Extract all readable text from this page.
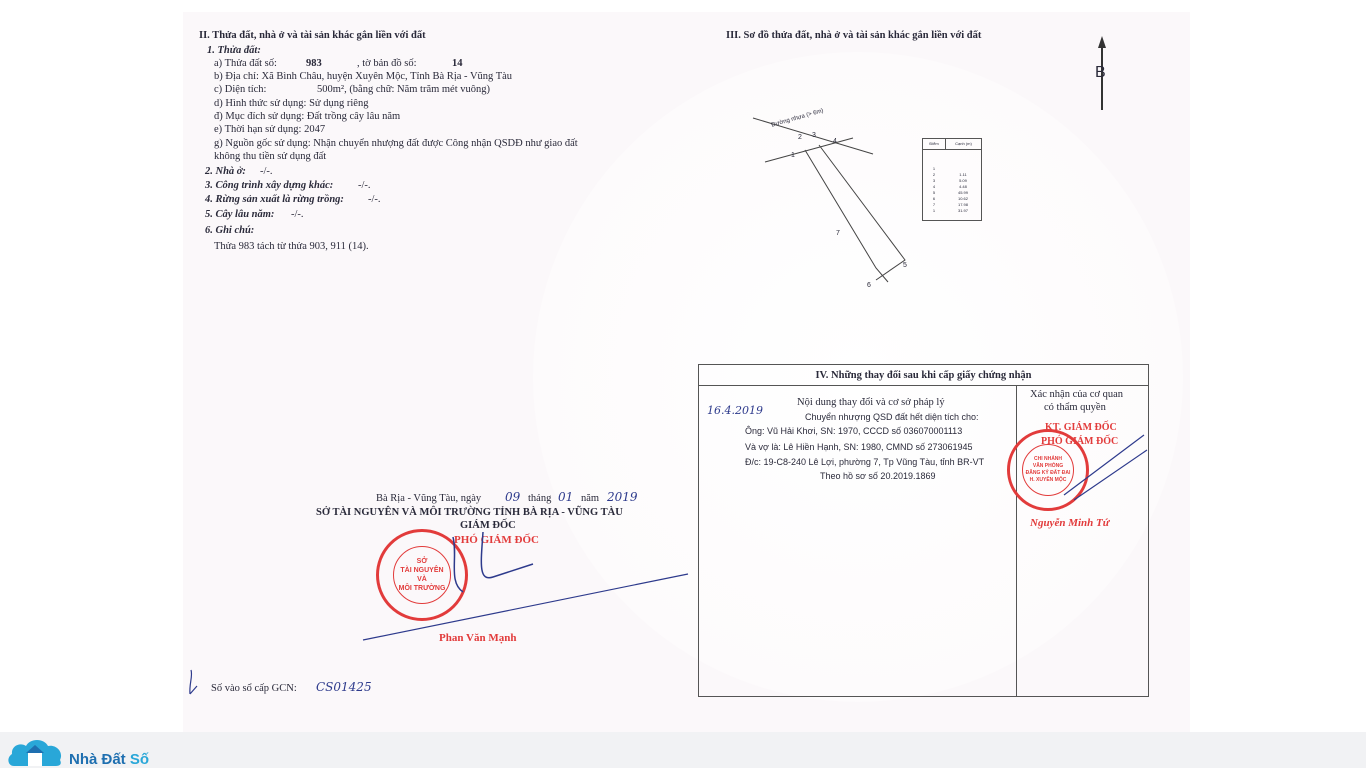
II. Thửa đất, nhà ở và tài sản khác gắn liền với đất
1. Thửa đất:
a) Thửa đất số:	983	, tờ bản đồ số:	14
b) Địa chỉ: Xã Bình Châu, huyện Xuyên Mộc, Tỉnh Bà Rịa - Vũng Tàu
c) Diện tích:	500m², (bằng chữ: Năm trăm mét vuông)
d) Hình thức sử dụng: Sử dụng riêng
đ) Mục đích sử dụng: Đất trồng cây lâu năm
e) Thời hạn sử dụng: 2047
g) Nguồn gốc sử dụng: Nhận chuyển nhượng đất được Công nhận QSDĐ như giao đất
không thu tiền sử dụng đất
2. Nhà ở: -/-.
3. Công trình xây dựng khác: -/-.
4. Rừng sản xuất là rừng trồng: -/-.
5. Cây lâu năm: -/-.
6. Ghi chú:
Thửa 983 tách từ thửa 903, 911 (14).
III. Sơ đồ thửa đất, nhà ở và tài sản khác gắn liền với đất
B
Đường nhựa (> 6m)
1
2 3
4
5
6
7
Điểm	Cạnh (m)
1
2	1.11
3	5.09
4	4.48
5	45.99
6	10.62
7	17.98
1	31.97
Bà Rịa - Vũng Tàu, ngày 09 tháng 01 năm 2019
SỞ TÀI NGUYÊN VÀ MÔI TRƯỜNG TỈNH BÀ RỊA - VŨNG TÀU
GIÁM ĐỐC
PHÓ GIÁM ĐỐC
SỞ
TÀI NGUYÊN
VÀ
MÔI TRƯỜNG
Phan Văn Mạnh
Số vào sổ cấp GCN: CS01425
IV. Những thay đổi sau khi cấp giấy chứng nhận
Nội dung thay đổi và cơ sở pháp lý
Xác nhận của cơ quan
có thẩm quyền
16.4.2019	Chuyển nhượng QSD đất hết diện tích cho:
Ông: Vũ Hải Khơi, SN: 1970, CCCD số 036070001113
Và vợ là: Lê Hiền Hạnh, SN: 1980, CMND số 273061945
Đ/c: 19-C8-240 Lê Lợi, phường 7, Tp Vũng Tàu, tỉnh BR-VT
Theo hồ sơ số 20.2019.1869
KT. GIÁM ĐỐC
PHÓ GIÁM ĐỐC
CHI NHÁNH
VĂN PHÒNG
ĐĂNG KÝ ĐẤT ĐAI
H. XUYÊN MỘC
Nguyễn Minh Tứ
Nhà Đất Số
